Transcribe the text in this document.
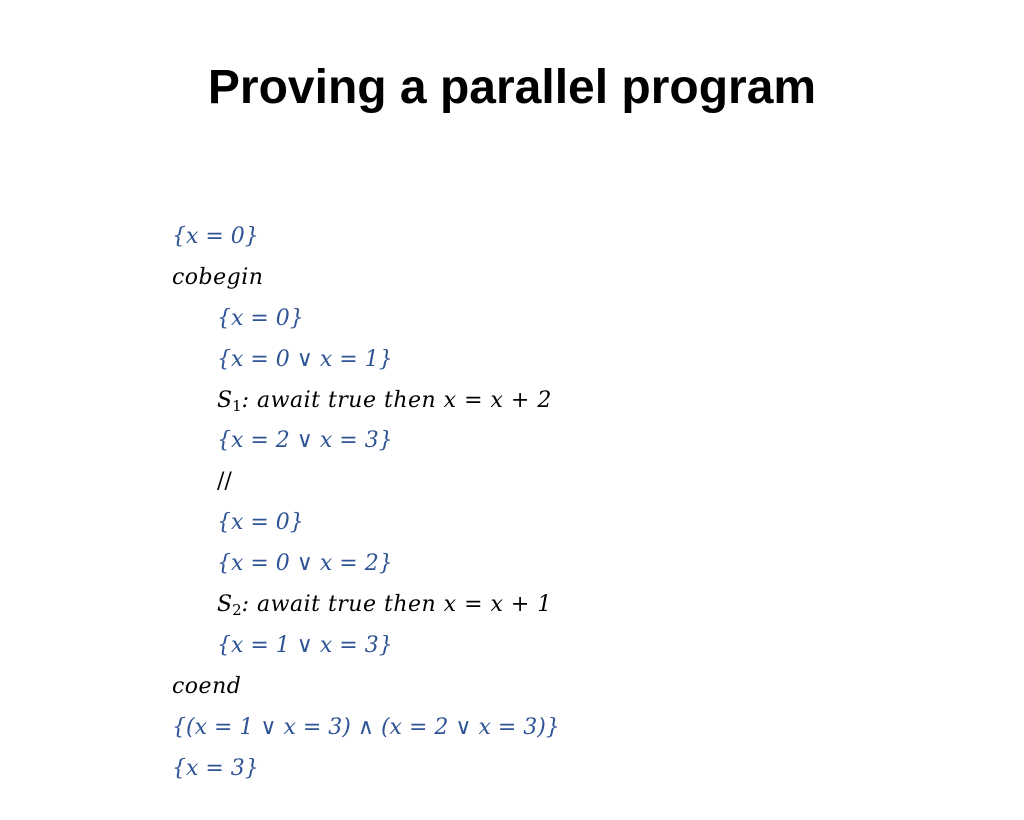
Proving a parallel program

{x = 0}

cobegin

{x = 0}

{x = 0 ∨ x = 1}

$S_1$: await true then x = x + 2

{x = 2 ∨ x = 3}

//

{x = 0}

{x = 0 ∨ x = 2}

$S_2$: await true then x = x + 1

{x = 1 ∨ x = 3}

coend

{(x = 1 ∨ x = 3) ∧ (x = 2 ∨ x = 3)}

{x = 3}
